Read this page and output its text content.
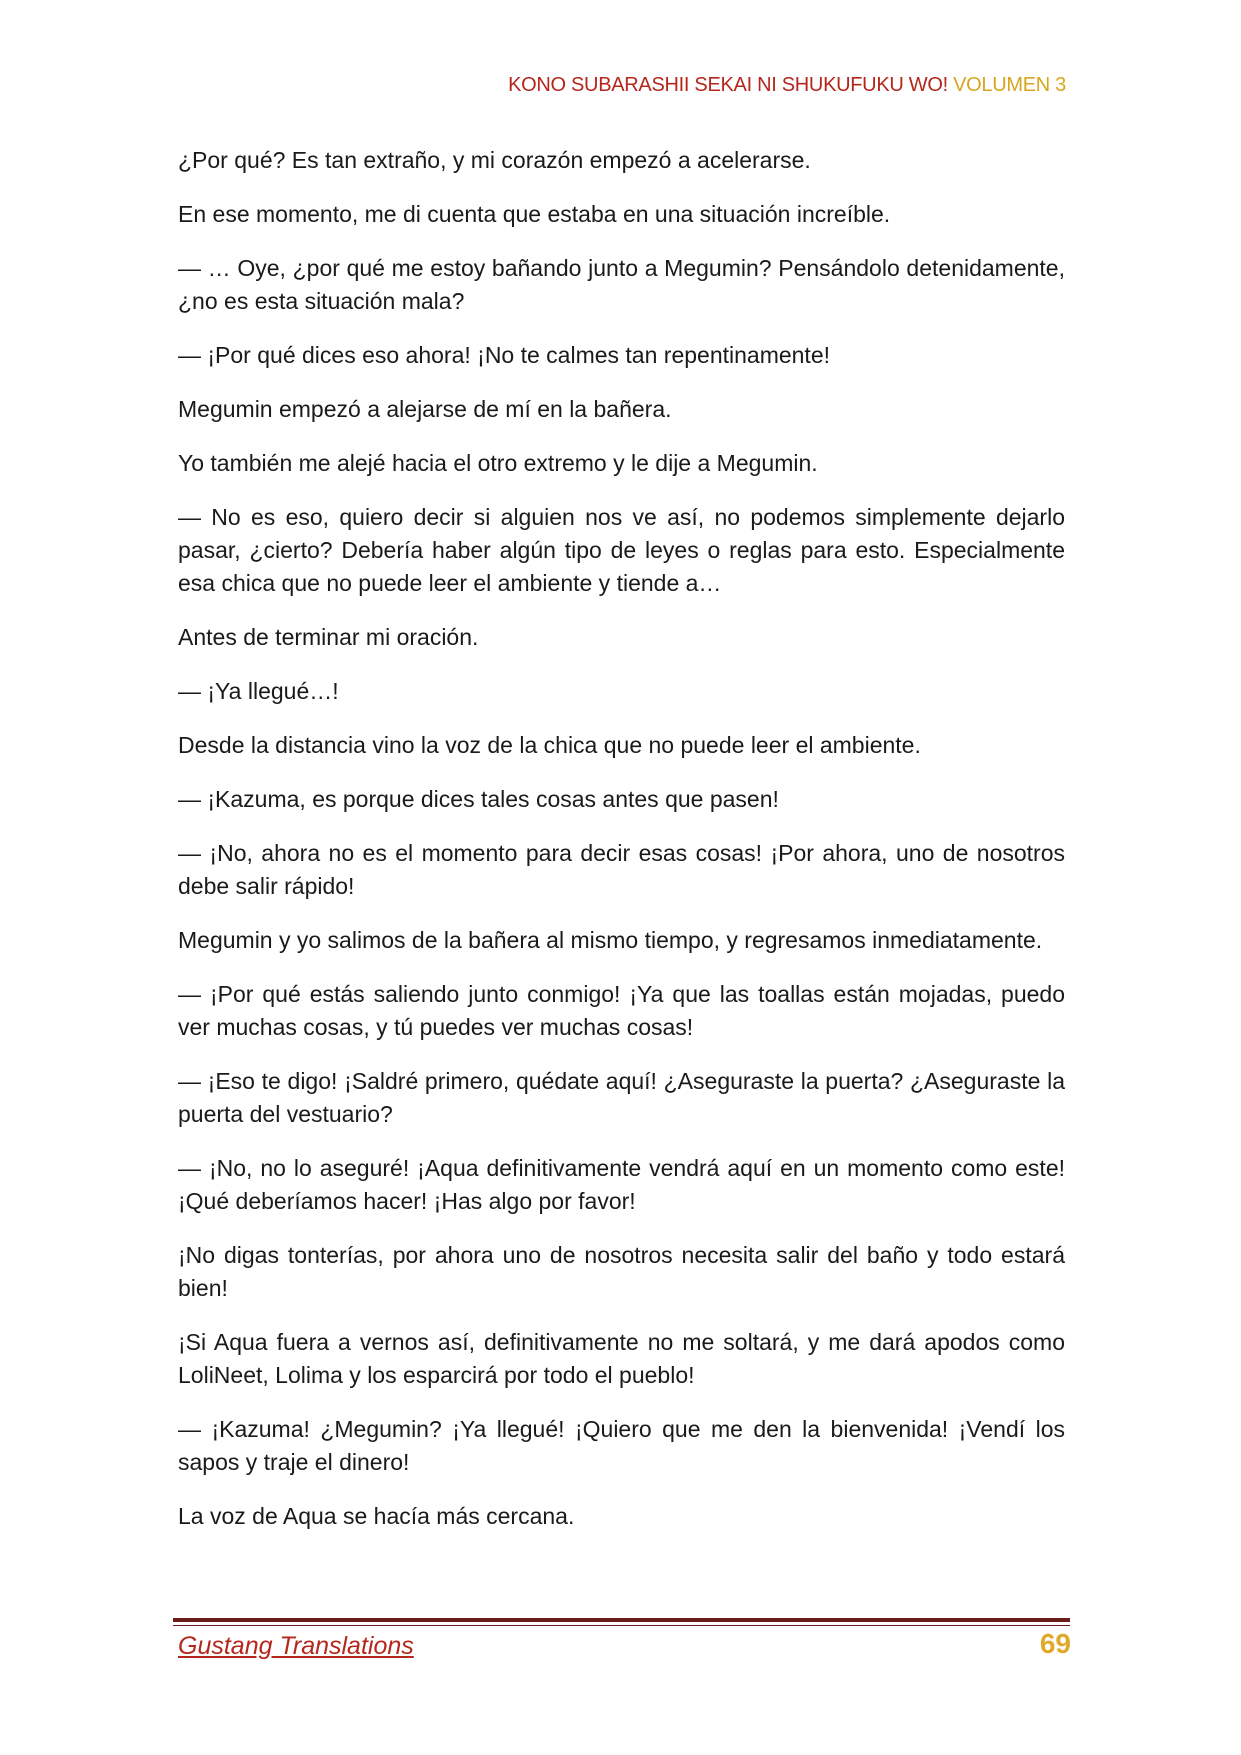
KONO SUBARASHII SEKAI NI SHUKUFUKU WO! VOLUMEN 3

¿Por qué? Es tan extraño, y mi corazón empezó a acelerarse.

En ese momento, me di cuenta que estaba en una situación increíble.

— … Oye, ¿por qué me estoy bañando junto a Megumin? Pensándolo detenidamente, ¿no es esta situación mala?

— ¡Por qué dices eso ahora! ¡No te calmes tan repentinamente!

Megumin empezó a alejarse de mí en la bañera.

Yo también me alejé hacia el otro extremo y le dije a Megumin.

— No es eso, quiero decir si alguien nos ve así, no podemos simplemente dejarlo pasar, ¿cierto? Debería haber algún tipo de leyes o reglas para esto. Especialmente esa chica que no puede leer el ambiente y tiende a…

Antes de terminar mi oración.

— ¡Ya llegué…!

Desde la distancia vino la voz de la chica que no puede leer el ambiente.

— ¡Kazuma, es porque dices tales cosas antes que pasen!

— ¡No, ahora no es el momento para decir esas cosas! ¡Por ahora, uno de nosotros debe salir rápido!

Megumin y yo salimos de la bañera al mismo tiempo, y regresamos inmediatamente.

— ¡Por qué estás saliendo junto conmigo! ¡Ya que las toallas están mojadas, puedo ver muchas cosas, y tú puedes ver muchas cosas!

— ¡Eso te digo! ¡Saldré primero, quédate aquí! ¿Aseguraste la puerta? ¿Aseguraste la puerta del vestuario?

— ¡No, no lo aseguré! ¡Aqua definitivamente vendrá aquí en un momento como este! ¡Qué deberíamos hacer! ¡Has algo por favor!

¡No digas tonterías, por ahora uno de nosotros necesita salir del baño y todo estará bien!

¡Si Aqua fuera a vernos así, definitivamente no me soltará, y me dará apodos como LoliNeet, Lolima y los esparcirá por todo el pueblo!

— ¡Kazuma! ¿Megumin? ¡Ya llegué! ¡Quiero que me den la bienvenida! ¡Vendí los sapos y traje el dinero!

La voz de Aqua se hacía más cercana.

Gustang Translations	69
